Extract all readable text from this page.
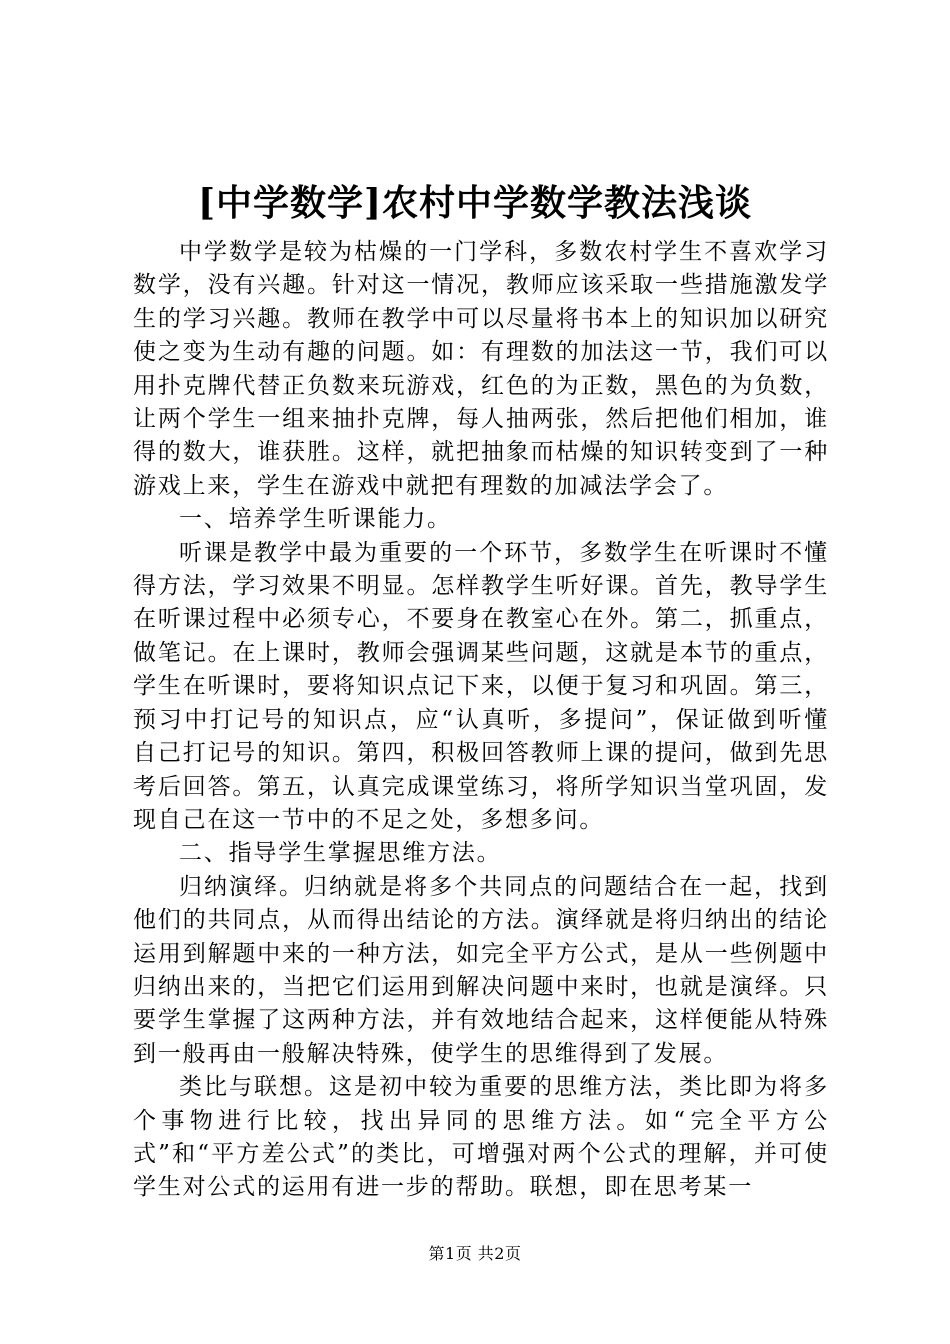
[中学数学]农村中学数学教法浅谈

中学数学是较为枯燥的一门学科，多数农村学生不喜欢学习数学，没有兴趣。针对这一情况，教师应该采取一些措施激发学生的学习兴趣。教师在教学中可以尽量将书本上的知识加以研究使之变为生动有趣的问题。如：有理数的加法这一节，我们可以用扑克牌代替正负数来玩游戏，红色的为正数，黑色的为负数，让两个学生一组来抽扑克牌，每人抽两张，然后把他们相加，谁得的数大，谁获胜。这样，就把抽象而枯燥的知识转变到了一种游戏上来，学生在游戏中就把有理数的加减法学会了。

一、培养学生听课能力。

听课是教学中最为重要的一个环节，多数学生在听课时不懂得方法，学习效果不明显。怎样教学生听好课。首先，教导学生在听课过程中必须专心，不要身在教室心在外。第二，抓重点，做笔记。在上课时，教师会强调某些问题，这就是本节的重点，学生在听课时，要将知识点记下来，以便于复习和巩固。第三，预习中打记号的知识点，应“认真听，多提问”，保证做到听懂自己打记号的知识。第四，积极回答教师上课的提问，做到先思考后回答。第五，认真完成课堂练习，将所学知识当堂巩固，发现自己在这一节中的不足之处，多想多问。

二、指导学生掌握思维方法。

归纳演绎。归纳就是将多个共同点的问题结合在一起，找到他们的共同点，从而得出结论的方法。演绎就是将归纳出的结论运用到解题中来的一种方法，如完全平方公式，是从一些例题中归纳出来的，当把它们运用到解决问题中来时，也就是演绎。只要学生掌握了这两种方法，并有效地结合起来，这样便能从特殊到一般再由一般解决特殊，使学生的思维得到了发展。

类比与联想。这是初中较为重要的思维方法，类比即为将多个事物进行比较，找出异同的思维方法。如“完全平方公式”和“平方差公式”的类比，可增强对两个公式的理解，并可使学生对公式的运用有进一步的帮助。联想，即在思考某一

第1页 共2页
